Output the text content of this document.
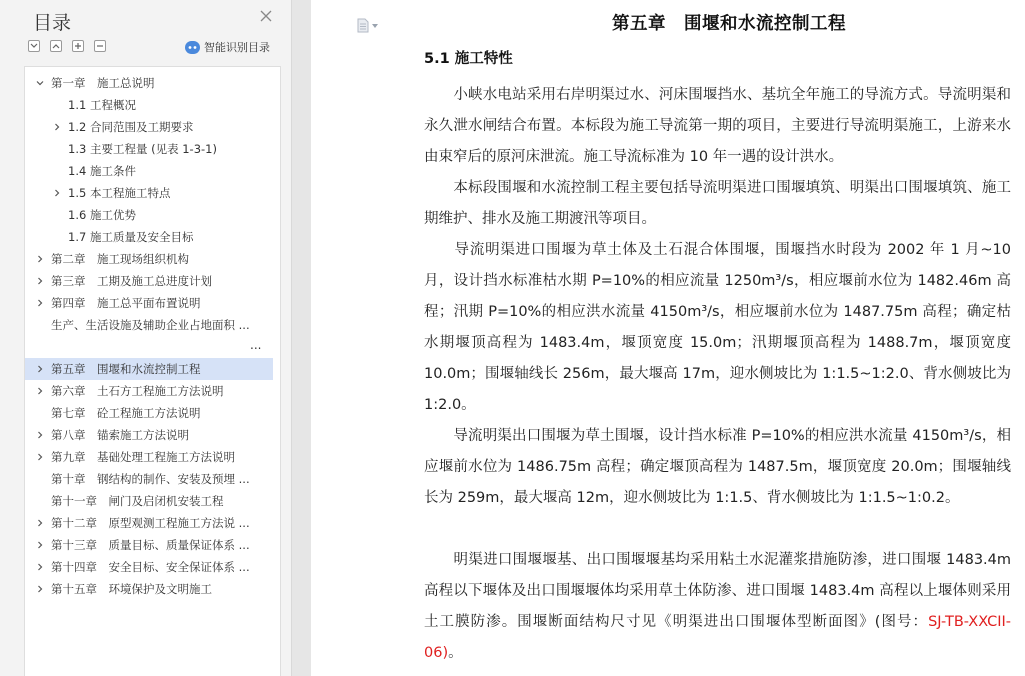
目录
智能识别目录
第一章　施工总说明
1.1 工程概况
1.2 合同范围及工期要求
1.3 主要工程量 (见表 1-3-1)
1.4 施工条件
1.5 本工程施工特点
1.6 施工优势
1.7 施工质量及安全目标
第二章　施工现场组织机构
第三章　工期及施工总进度计划
第四章　施工总平面布置说明
生产、生活设施及辅助企业占地面积 ...
...
第五章　围堰和水流控制工程
第六章　土石方工程施工方法说明
第七章　砼工程施工方法说明
第八章　锚索施工方法说明
第九章　基础处理工程施工方法说明
第十章　钢结构的制作、安装及预埋 ...
第十一章　闸门及启闭机安装工程
第十二章　原型观测工程施工方法说 ...
第十三章　质量目标、质量保证体系 ...
第十四章　安全目标、安全保证体系 ...
第十五章　环境保护及文明施工
第五章　围堰和水流控制工程
5.1 施工特性
　　小峡水电站采用右岸明渠过水、河床围堰挡水、基坑全年施工的导流方式。导流明渠和永久泄水闸结合布置。本标段为施工导流第一期的项目，主要进行导流明渠施工，上游来水由束窄后的原河床泄流。施工导流标准为 10 年一遇的设计洪水。
　　本标段围堰和水流控制工程主要包括导流明渠进口围堰填筑、明渠出口围堰填筑、施工期维护、排水及施工期渡汛等项目。
　　导流明渠进口围堰为草土体及土石混合体围堰，围堰挡水时段为 2002 年 1 月~10 月，设计挡水标准枯水期 P=10%的相应流量 1250m³/s，相应堰前水位为 1482.46m 高程；汛期 P=10%的相应洪水流量 4150m³/s，相应堰前水位为 1487.75m 高程；确定枯水期堰顶高程为 1483.4m，堰顶宽度 15.0m；汛期堰顶高程为 1488.7m，堰顶宽度 10.0m；围堰轴线长 256m，最大堰高 17m，迎水侧坡比为 1:1.5~1:2.0、背水侧坡比为 1:2.0。
　　导流明渠出口围堰为草土围堰，设计挡水标准 P=10%的相应洪水流量 4150m³/s，相应堰前水位为 1486.75m 高程；确定堰顶高程为 1487.5m，堰顶宽度 20.0m；围堰轴线长为 259m，最大堰高 12m，迎水侧坡比为 1:1.5、背水侧坡比为 1:1.5~1:0.2。
　　明渠进口围堰堰基、出口围堰堰基均采用粘土水泥灌浆措施防渗，进口围堰 1483.4m 高程以下堰体及出口围堰堰体均采用草土体防渗、进口围堰 1483.4m 高程以上堰体则采用土工膜防渗。围堰断面结构尺寸见《明渠进出口围堰体型断面图》(图号：SJ-TB-XXCII-06)。
